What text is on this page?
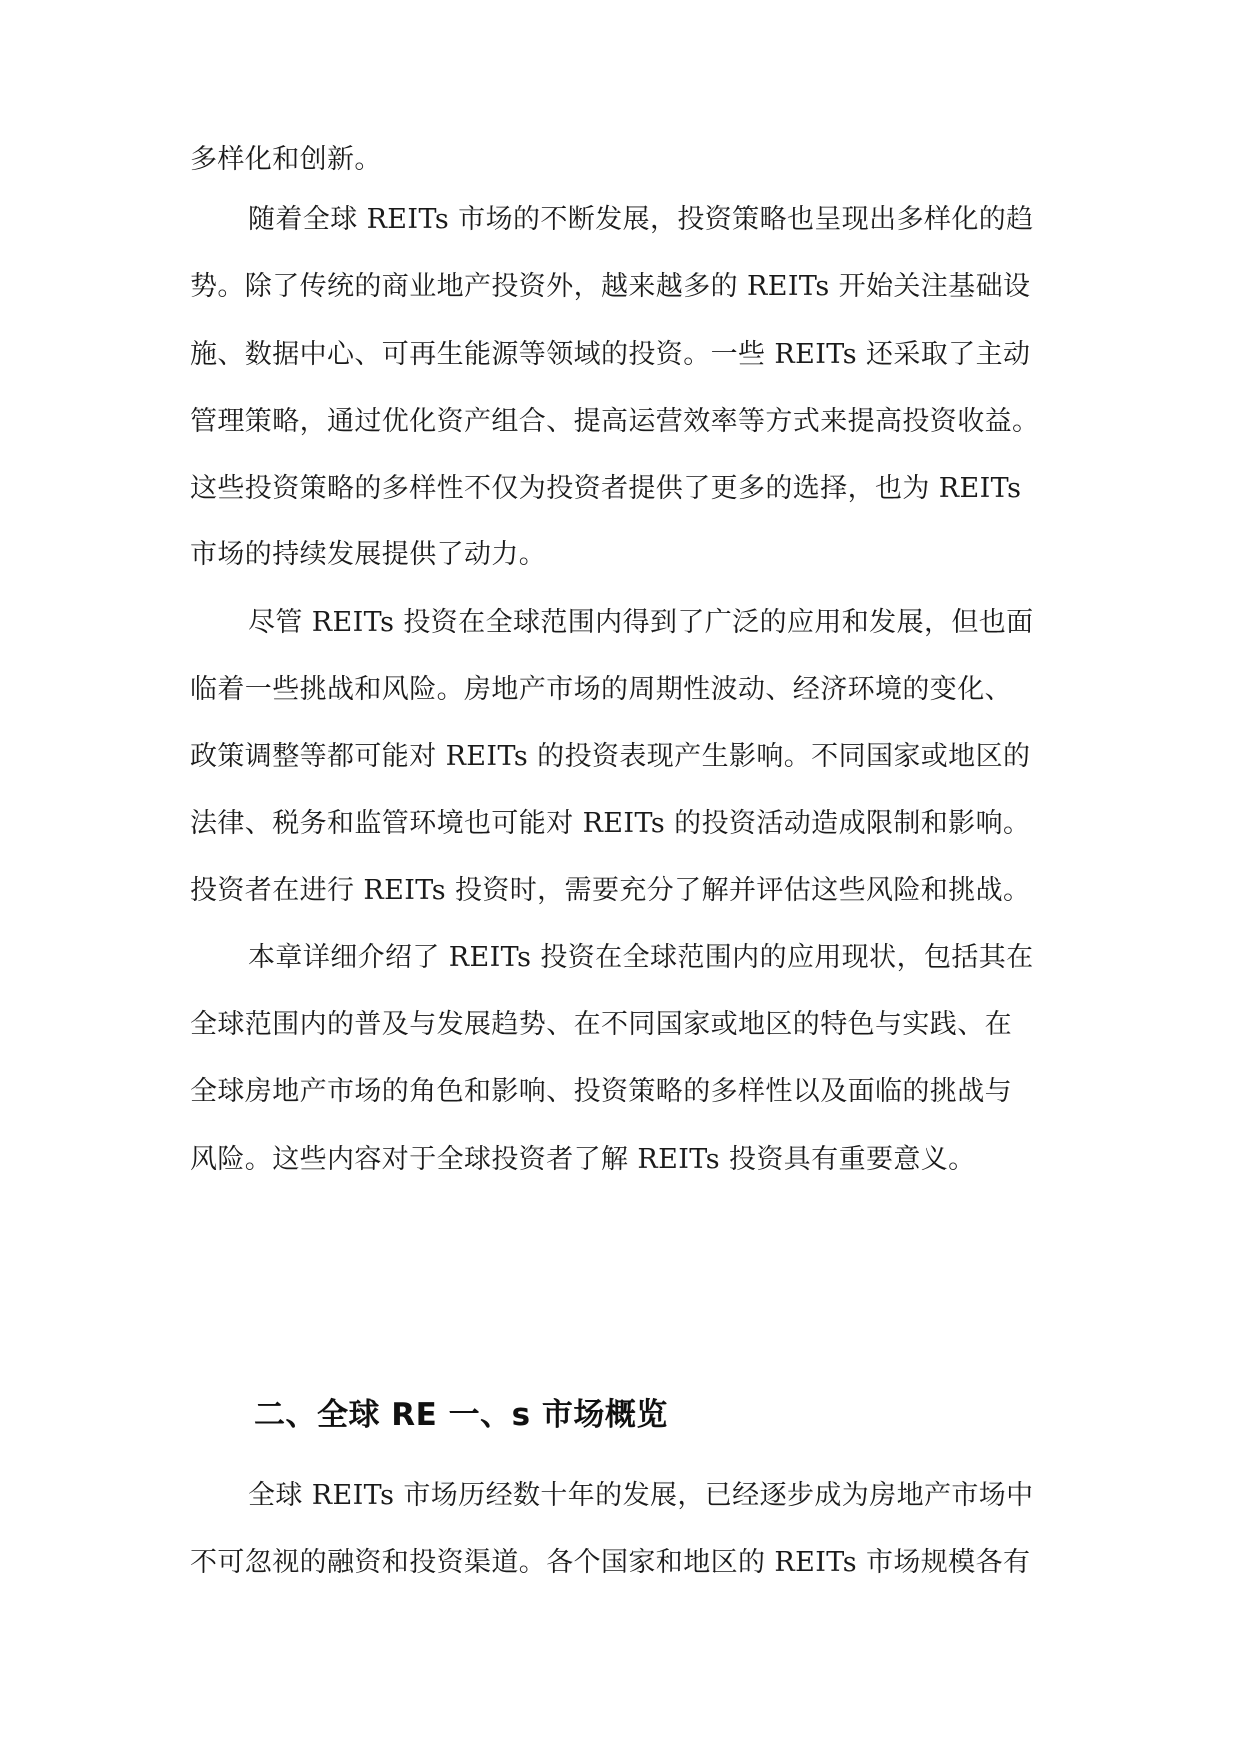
多样化和创新。
随着全球 REITs 市场的不断发展，投资策略也呈现出多样化的趋
势。除了传统的商业地产投资外，越来越多的 REITs 开始关注基础设
施、数据中心、可再生能源等领域的投资。一些 REITs 还采取了主动
管理策略，通过优化资产组合、提高运营效率等方式来提高投资收益。
这些投资策略的多样性不仅为投资者提供了更多的选择，也为 REITs
市场的持续发展提供了动力。
尽管 REITs 投资在全球范围内得到了广泛的应用和发展，但也面
临着一些挑战和风险。房地产市场的周期性波动、经济环境的变化、
政策调整等都可能对 REITs 的投资表现产生影响。不同国家或地区的
法律、税务和监管环境也可能对 REITs 的投资活动造成限制和影响。
投资者在进行 REITs 投资时，需要充分了解并评估这些风险和挑战。
本章详细介绍了 REITs 投资在全球范围内的应用现状，包括其在
全球范围内的普及与发展趋势、在不同国家或地区的特色与实践、在
全球房地产市场的角色和影响、投资策略的多样性以及面临的挑战与
风险。这些内容对于全球投资者了解 REITs 投资具有重要意义。
二、全球 RE 一、s 市场概览
全球 REITs 市场历经数十年的发展，已经逐步成为房地产市场中
不可忽视的融资和投资渠道。各个国家和地区的 REITs 市场规模各有
